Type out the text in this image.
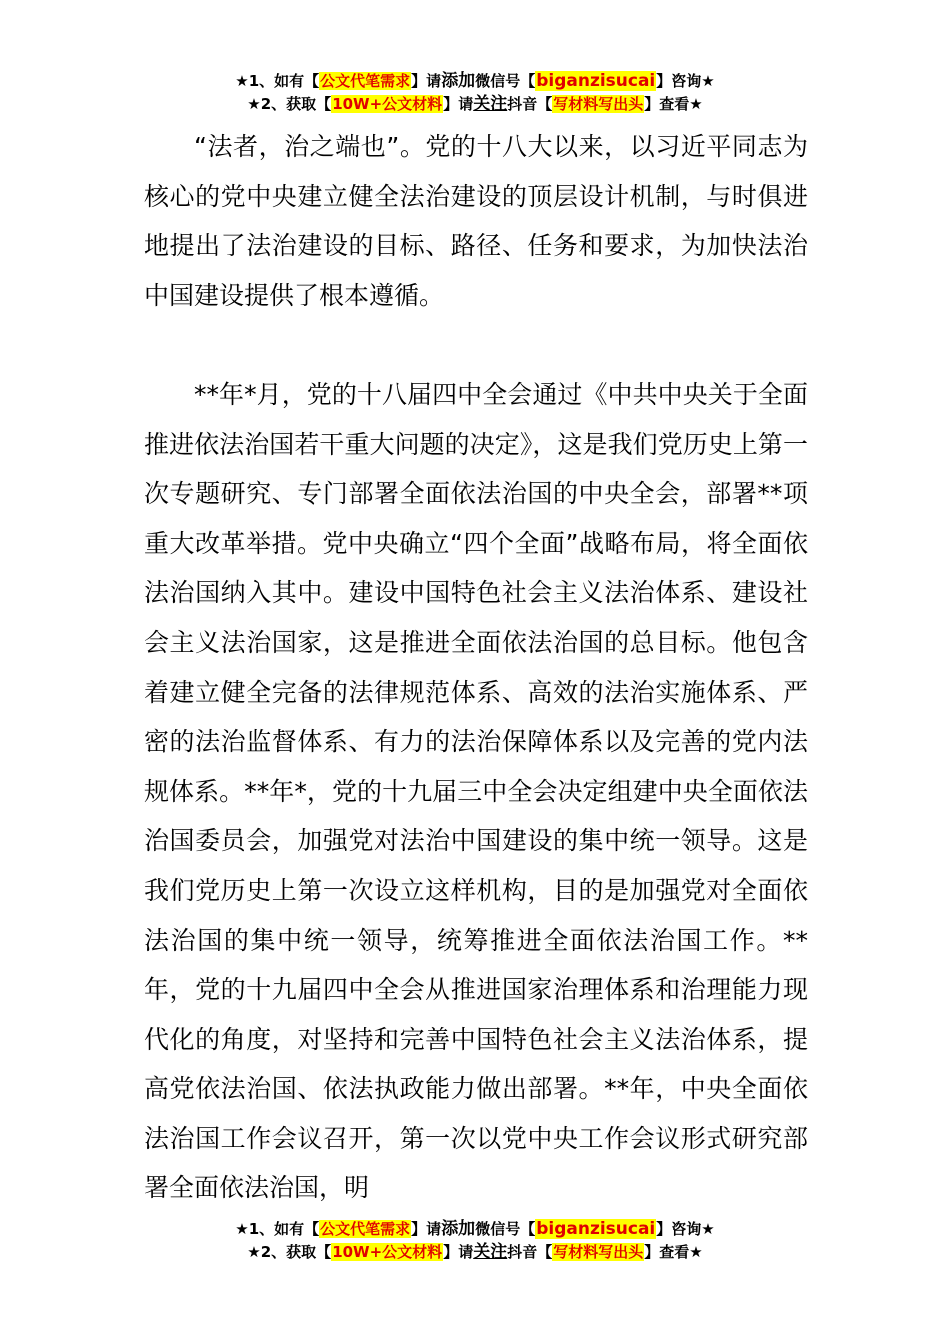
★1、如有【公文代笔需求】请添加微信号【biganzisucai】咨询★
★2、获取【10W+公文材料】请关注抖音【写材料写出头】查看★

“法者，治之端也”。党的十八大以来，以习近平同志为核心的党中央建立健全法治建设的顶层设计机制，与时俱进地提出了法治建设的目标、路径、任务和要求，为加快法治中国建设提供了根本遵循。

**年*月，党的十八届四中全会通过《中共中央关于全面推进依法治国若干重大问题的决定》，这是我们党历史上第一次专题研究、专门部署全面依法治国的中央全会，部署**项重大改革举措。党中央确立“四个全面”战略布局，将全面依法治国纳入其中。建设中国特色社会主义法治体系、建设社会主义法治国家，这是推进全面依法治国的总目标。他包含着建立健全完备的法律规范体系、高效的法治实施体系、严密的法治监督体系、有力的法治保障体系以及完善的党内法规体系。**年*，党的十九届三中全会决定组建中央全面依法治国委员会，加强党对法治中国建设的集中统一领导。这是我们党历史上第一次设立这样机构，目的是加强党对全面依法治国的集中统一领导，统筹推进全面依法治国工作。**年，党的十九届四中全会从推进国家治理体系和治理能力现代化的角度，对坚持和完善中国特色社会主义法治体系，提高党依法治国、依法执政能力做出部署。**年，中央全面依法治国工作会议召开，第一次以党中央工作会议形式研究部署全面依法治国，明

★1、如有【公文代笔需求】请添加微信号【biganzisucai】咨询★
★2、获取【10W+公文材料】请关注抖音【写材料写出头】查看★
